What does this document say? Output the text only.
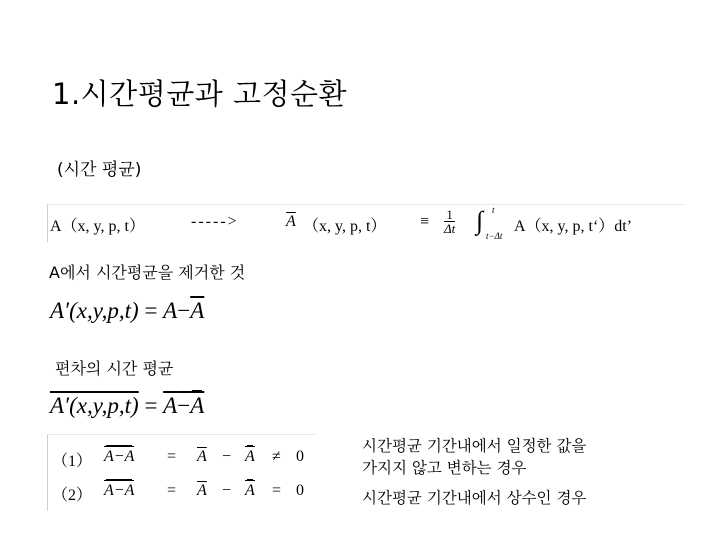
1.시간평균과 고정순환
(시간 평균)
A（x, y, p, t）	----->	$\overline{A}$ （x, y, p, $t) \equiv \frac{1}{\Delta t}$ ∫ t
t−Δt
A（x, y, p, t‘）dt’
A에서 시간평균을 제거한 것
$A'(x,y,p,t) = A-\overline{A}$
편차의 시간 평균
A′(x,y,p,t) = A−A
（1） $A-A = \overline{A} - A \ne 0$
（2） $A-A = \overline{A} - A = 0$
시간평균 기간내에서 일정한 값을
가지지 않고 변하는 경우
시간평균 기간내에서 상수인 경우
